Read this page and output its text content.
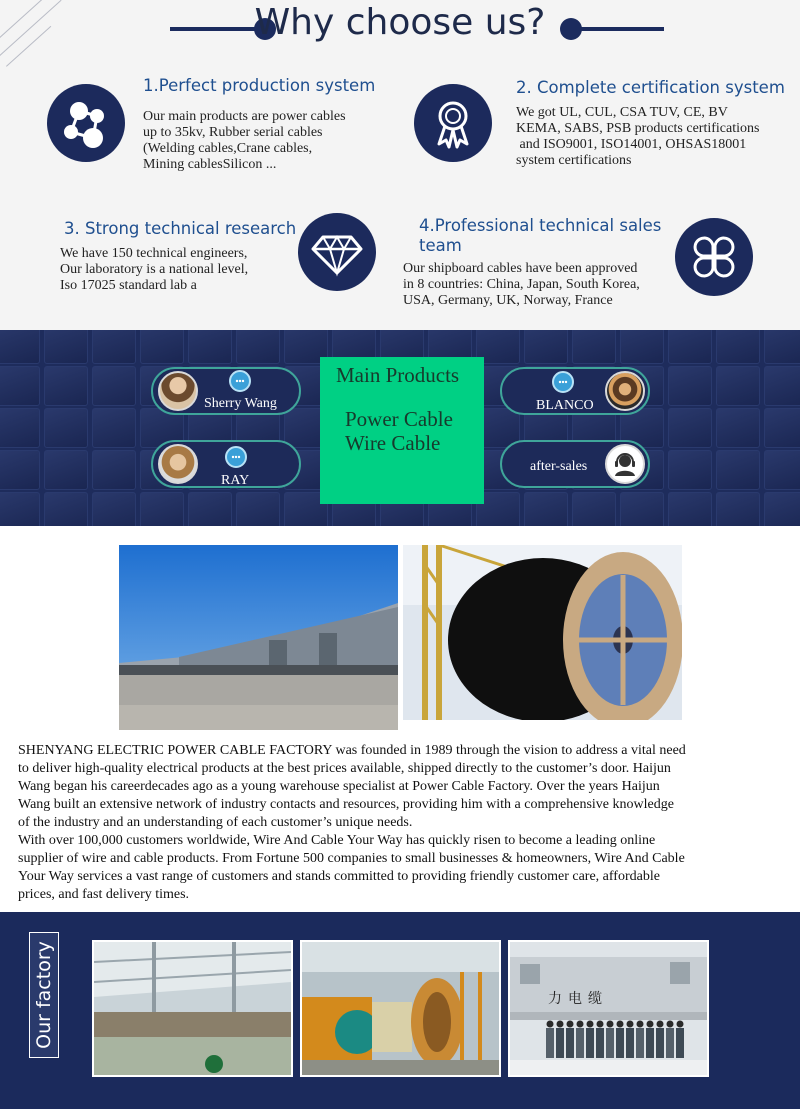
Why choose us?
1.Perfect production system
Our main products are power cables
up to 35kv, Rubber serial cables
(Welding cables,Crane cables,
Mining cablesSilicon ...
2. Complete certification system
We got UL, CUL, CSA TUV, CE, BV
KEMA, SABS, PSB products certifications
and ISO9001, ISO14001, OHSAS18001
system certifications
3. Strong technical research
We have 150 technical engineers,
Our laboratory is a national level,
Iso 17025 standard lab a
4.Professional technical sales
team
Our shipboard cables have been approved
in 8 countries: China, Japan, South Korea,
USA, Germany, UK, Norway, France
Sherry Wang
RAY
Main Products
Power Cable
Wire Cable
BLANCO
after-sales
SHENYANG ELECTRIC POWER CABLE FACTORY was founded in 1989 through the vision to address a vital need
to deliver high-quality electrical products at the best prices available, shipped directly to the customer’s door. Haijun
Wang began his careerdecades ago as a young warehouse specialist at Power Cable Factory. Over the years Haijun
Wang built an extensive network of industry contacts and resources, providing him with a comprehensive knowledge
of the industry and an understanding of each customer’s unique needs.
With over 100,000 customers worldwide, Wire And Cable Your Way has quickly risen to become a leading online
supplier of wire and cable products. From Fortune 500 companies to small businesses & homeowners, Wire And Cable
Your Way services a vast range of customers and stands committed to providing friendly customer care, affordable
prices, and fast delivery times.
Our factory	力电缆
